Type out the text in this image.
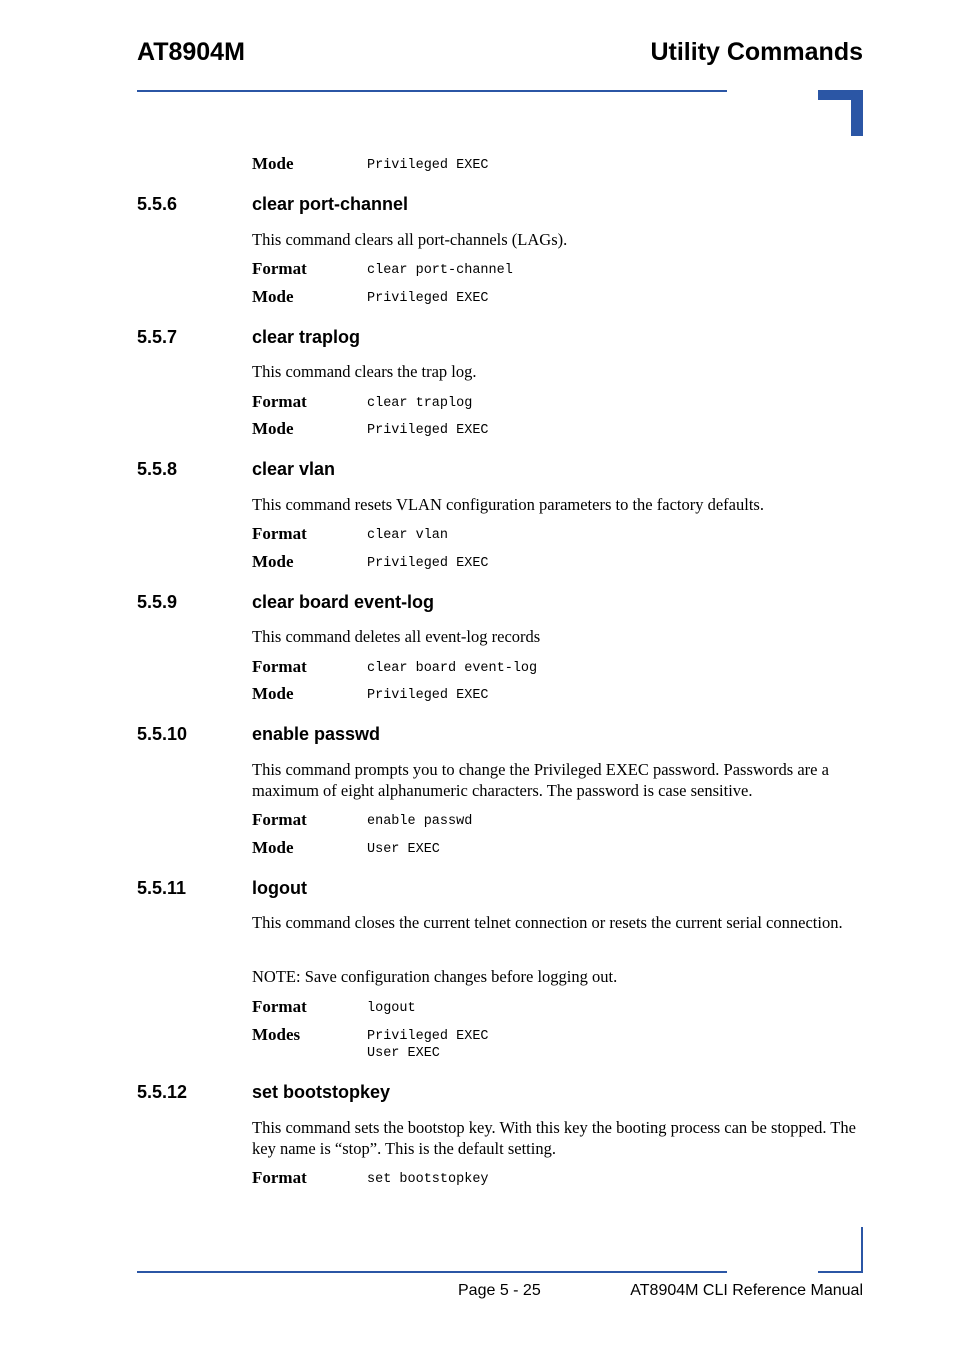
AT8904M	Utility Commands
Mode	Privileged EXEC
5.5.6	clear port-channel
This command clears all port-channels (LAGs).
Format	clear port-channel
Mode	Privileged EXEC
5.5.7	clear traplog
This command clears the trap log.
Format	clear traplog
Mode	Privileged EXEC
5.5.8	clear vlan
This command resets VLAN configuration parameters to the factory defaults.
Format	clear vlan
Mode	Privileged EXEC
5.5.9	clear board event-log
This command deletes all event-log records
Format	clear board event-log
Mode	Privileged EXEC
5.5.10	enable passwd
This command prompts you to change the Privileged EXEC password. Passwords are a maximum of eight alphanumeric characters. The password is case sensitive.
Format	enable passwd
Mode	User EXEC
5.5.11	logout
This command closes the current telnet connection or resets the current serial connection.
NOTE: Save configuration changes before logging out.
Format	logout
Modes	Privileged EXEC
User EXEC
5.5.12	set bootstopkey
This command sets the bootstop key. With this key the booting process can be stopped. The key name is “stop”. This is the default setting.
Format	set bootstopkey
Page 5 - 25	AT8904M CLI Reference Manual
